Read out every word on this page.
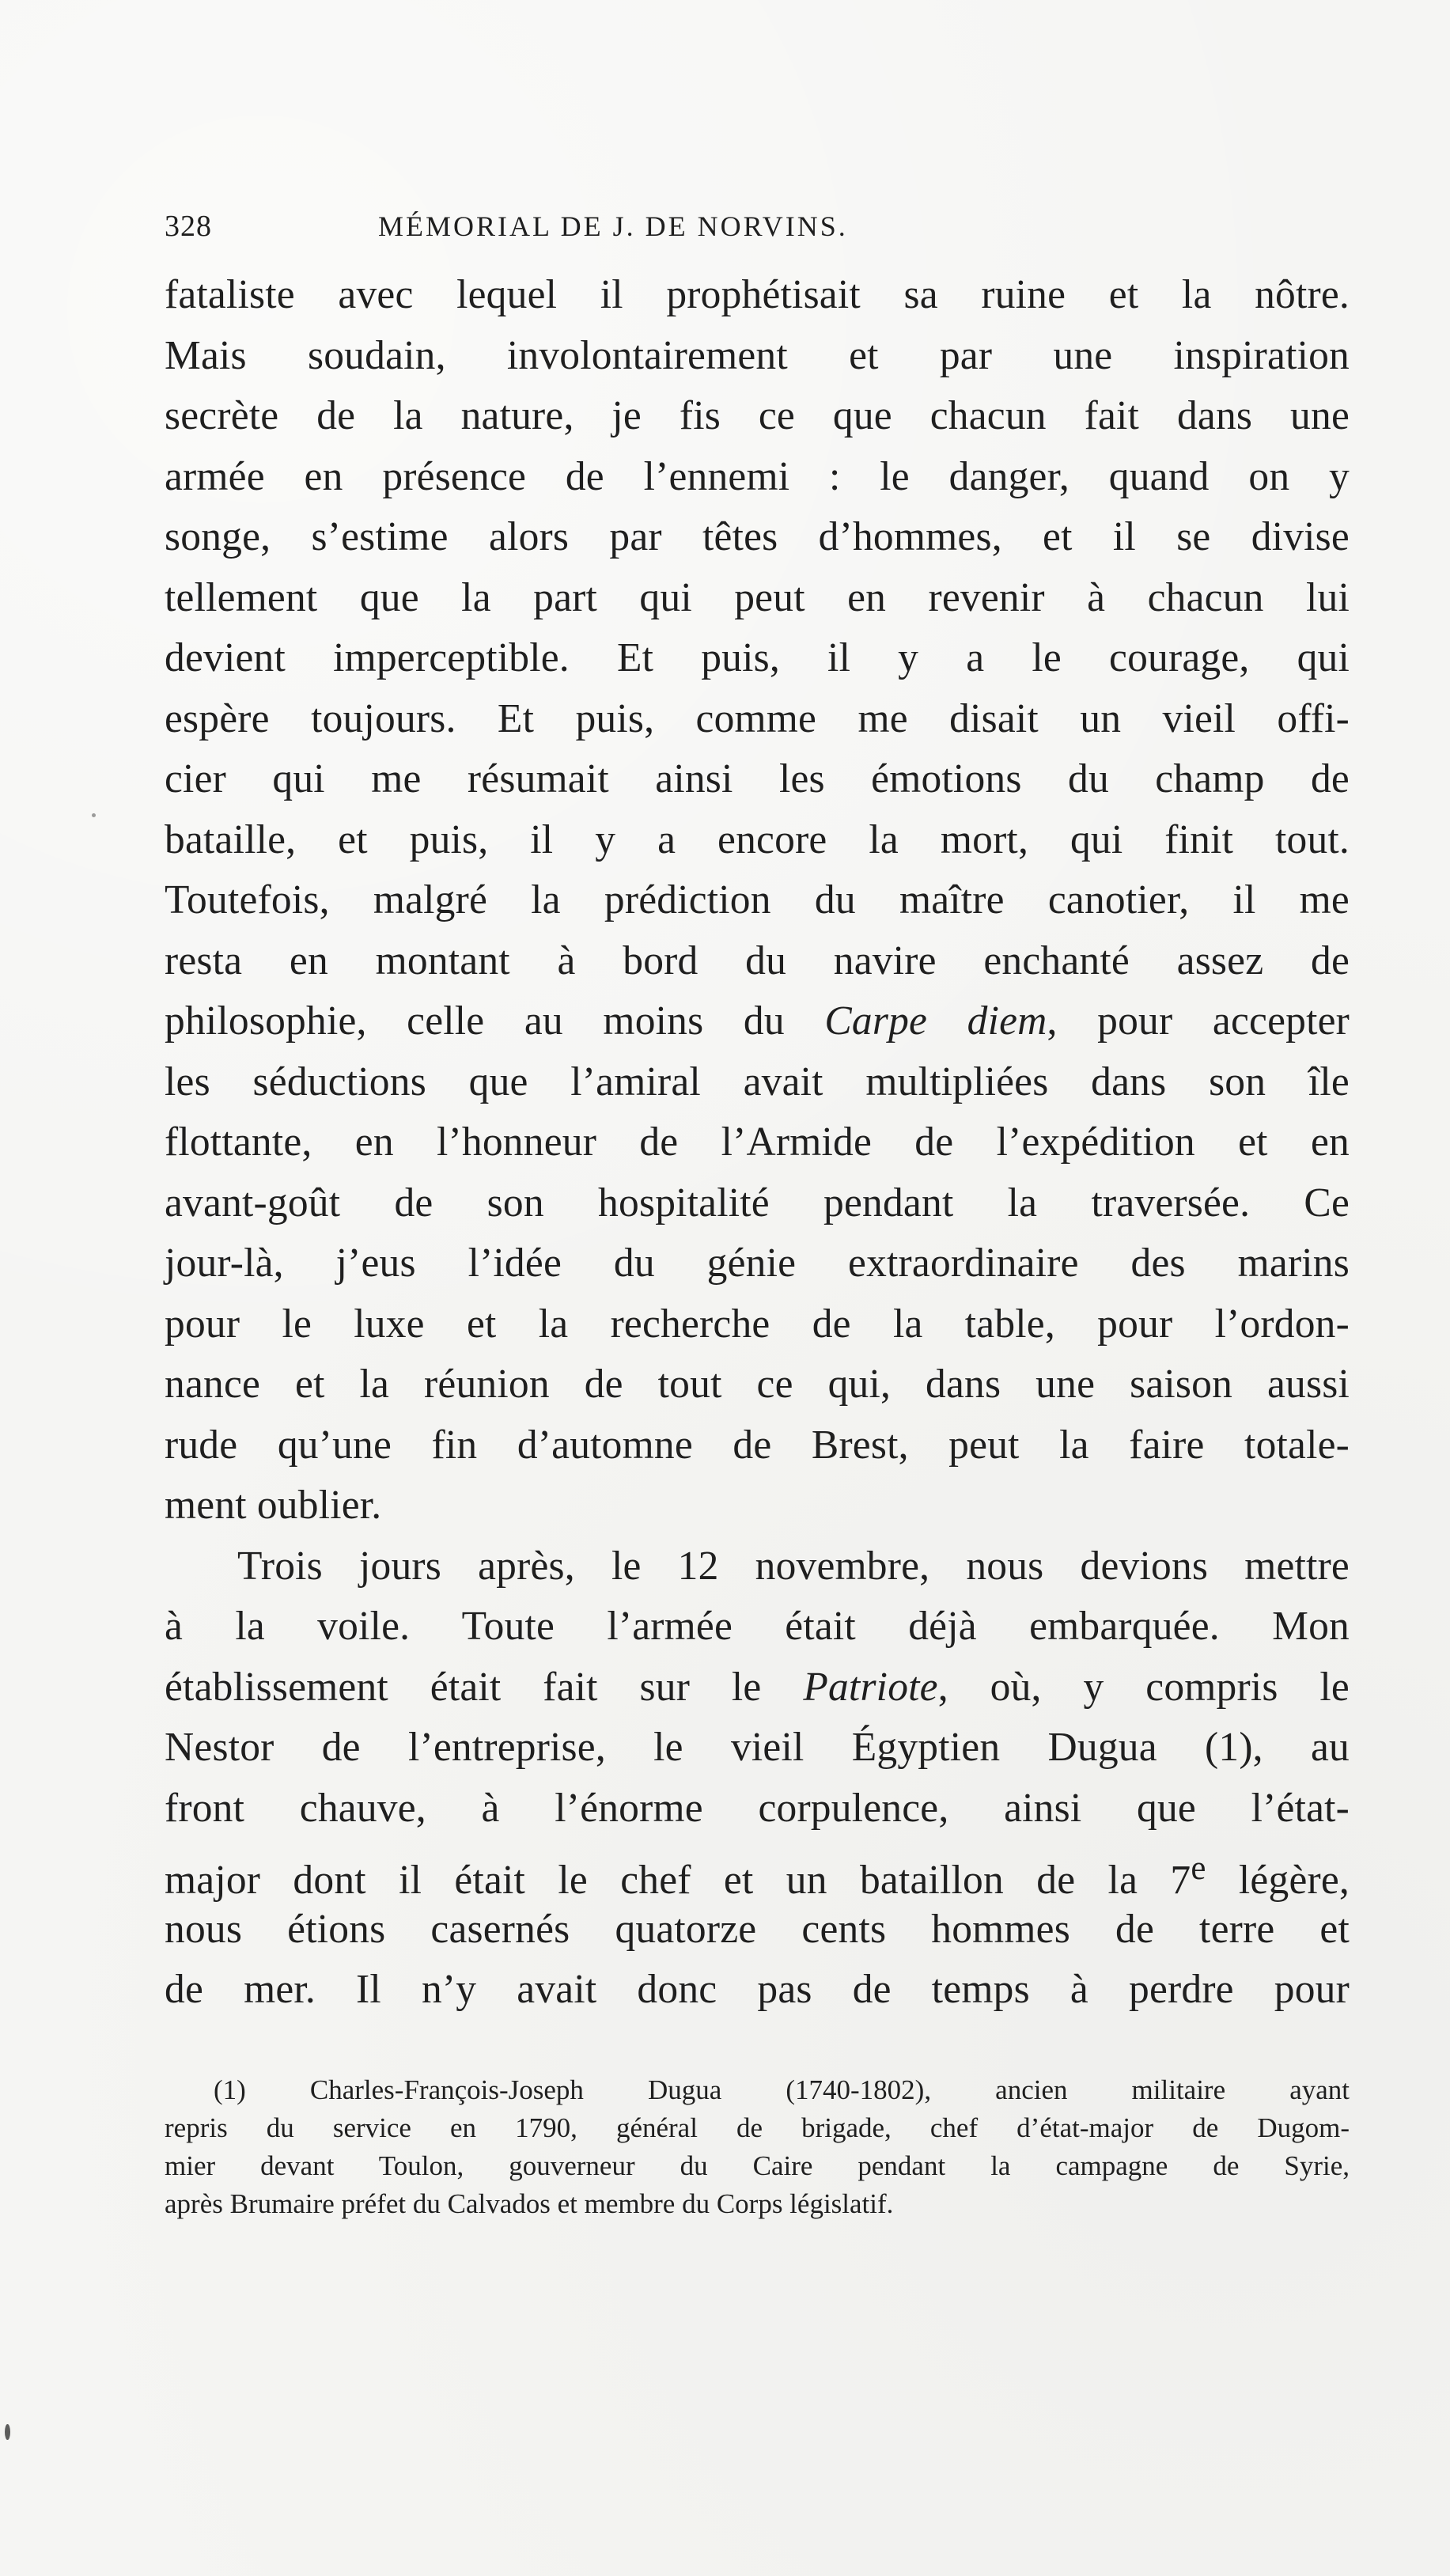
328	MÉMORIAL DE J. DE NORVINS.
fataliste avec lequel il prophétisait sa ruine et la nôtre.
Mais soudain, involontairement et par une inspiration
secrète de la nature, je fis ce que chacun fait dans une
armée en présence de l’ennemi : le danger, quand on y
songe, s’estime alors par têtes d’hommes, et il se divise
tellement que la part qui peut en revenir à chacun lui
devient imperceptible. Et puis, il y a le courage, qui
espère toujours. Et puis, comme me disait un vieil offi-
cier qui me résumait ainsi les émotions du champ de
bataille, et puis, il y a encore la mort, qui finit tout.
Toutefois, malgré la prédiction du maître canotier, il me
resta en montant à bord du navire enchanté assez de
philosophie, celle au moins du Carpe diem, pour accepter
les séductions que l’amiral avait multipliées dans son île
flottante, en l’honneur de l’Armide de l’expédition et en
avant-goût de son hospitalité pendant la traversée. Ce
jour-là, j’eus l’idée du génie extraordinaire des marins
pour le luxe et la recherche de la table, pour l’ordon-
nance et la réunion de tout ce qui, dans une saison aussi
rude qu’une fin d’automne de Brest, peut la faire totale-
ment oublier.
Trois jours après, le 12 novembre, nous devions mettre
à la voile. Toute l’armée était déjà embarquée. Mon
établissement était fait sur le Patriote, où, y compris le
Nestor de l’entreprise, le vieil Égyptien Dugua (1), au
front chauve, à l’énorme corpulence, ainsi que l’état-
major dont il était le chef et un bataillon de la 7e légère,
nous étions casernés quatorze cents hommes de terre et
de mer. Il n’y avait donc pas de temps à perdre pour
(1) Charles-François-Joseph Dugua (1740-1802), ancien militaire ayant
repris du service en 1790, général de brigade, chef d’état-major de Dugom-
mier devant Toulon, gouverneur du Caire pendant la campagne de Syrie,
après Brumaire préfet du Calvados et membre du Corps législatif.
